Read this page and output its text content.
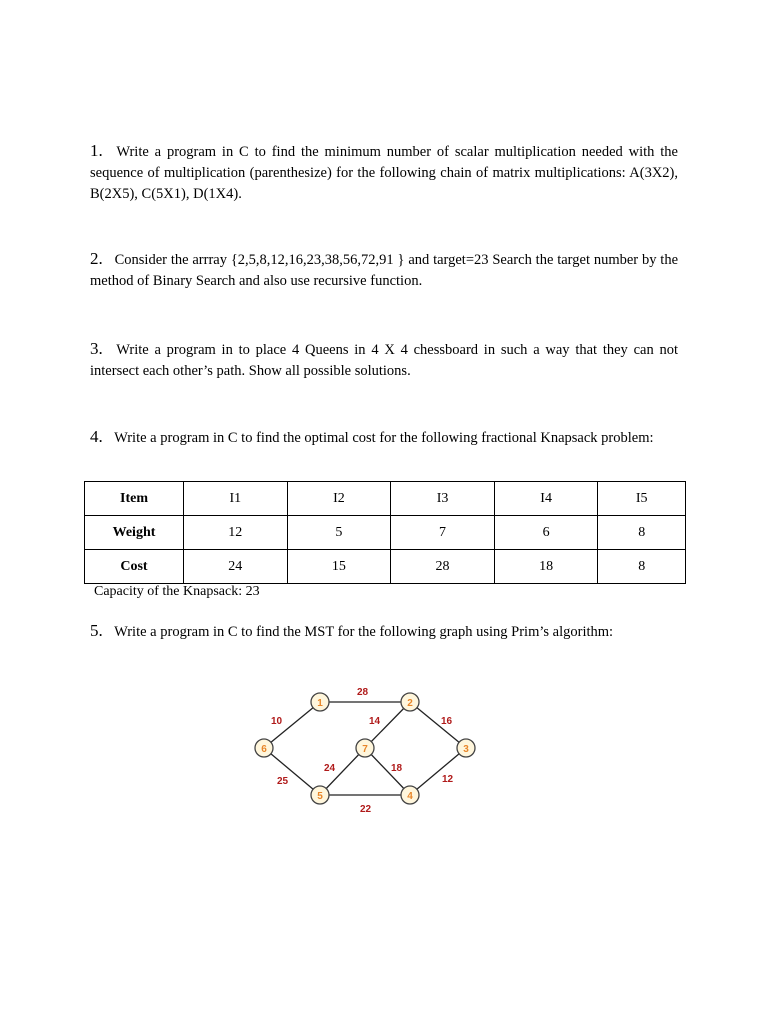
1. Write a program in C to find the minimum number of scalar multiplication needed with the sequence of multiplication (parenthesize) for the following chain of matrix multiplications: A(3X2), B(2X5), C(5X1), D(1X4).
2. Consider the arrray {2,5,8,12,16,23,38,56,72,91 } and target=23 Search the target number by the method of Binary Search and also use recursive function.
3. Write a program in to place 4 Queens in 4 X 4 chessboard in such a way that they can not intersect each other’s path. Show all possible solutions.
4. Write a program in C to find the optimal cost for the following fractional Knapsack problem:
Item	I1	I2	I3	I4	I5
Weight	12	5	7	6	8
Cost	24	15	28	18	8
Capacity of the Knapsack: 23
5. Write a program in C to find the MST for the following graph using Prim’s algorithm:
28
10	14	16
25
24	18
12
22
1	2
3
4
5
6	7
